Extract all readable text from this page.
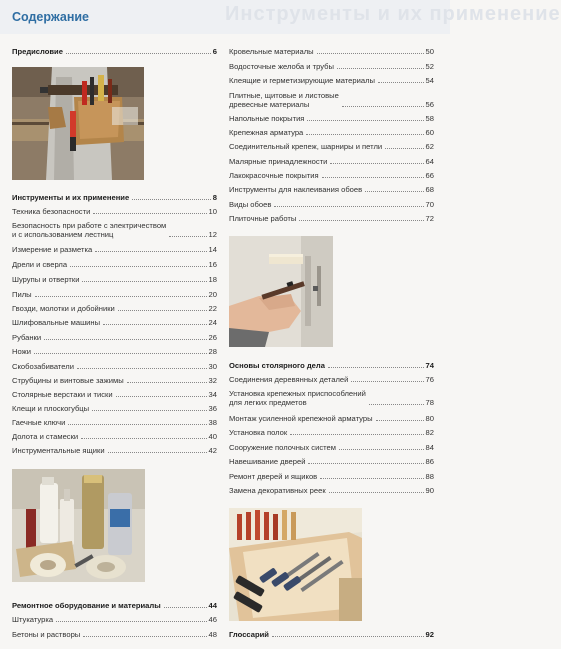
Инструменты и их применение
Содержание
Предисловие	6
Инструменты и их применение	8
Техника безопасности	10
Безопасность при работе с электричеством
и с использованием лестниц	12
Измерение и разметка	14
Дрели и сверла	16
Шурупы и отвертки	18
Пилы	20
Гвозди, молотки и добойники	22
Шлифовальные машины	24
Рубанки	26
Ножи	28
Скобозабиватели	30
Струбцины и винтовые зажимы	32
Столярные верстаки и тиски	34
Клещи и плоскогубцы	36
Гаечные ключи	38
Долота и стамески	40
Инструментальные ящики	42
Ремонтное оборудование и материалы	44
Штукатурка	46
Бетоны и растворы	48
Кровельные материалы	50
Водосточные желоба и трубы	52
Клеящие и герметизирующие материалы	54
Плитные, щитовые и листовые
древесные материалы	56
Напольные покрытия	58
Крепежная арматура	60
Соединительный крепеж, шарниры и петли	62
Малярные принадлежности	64
Лакокрасочные покрытия	66
Инструменты для наклеивания обоев	68
Виды обоев	70
Плиточные работы	72
Основы столярного дела	74
Соединения деревянных деталей	76
Установка крепежных приспособлений
для легких предметов	78
Монтаж усиленной крепежной арматуры	80
Установка полок	82
Сооружение полочных систем	84
Навешивание дверей	86
Ремонт дверей и ящиков	88
Замена декоративных реек	90
Глоссарий	92
